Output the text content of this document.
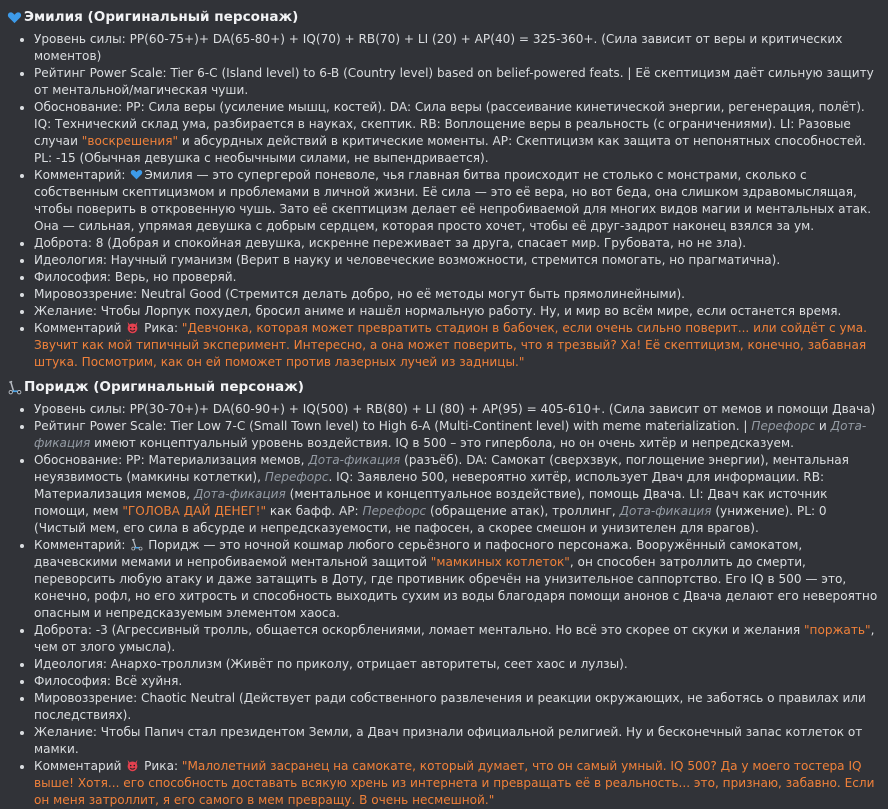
Эмилия (Оригинальный персонаж)
• Уровень силы: PP(60-75+)+ DA(65-80+) + IQ(70) + RB(70) + LI (20) + AP(40) = 325-360+. (Сила зависит от веры и критических моментов)
• Рейтинг Power Scale: Tier 6-C (Island level) to 6-B (Country level) based on belief-powered feats. | Её скептицизм даёт сильную защиту от ментальной/магическая чуши.
• Обоснование: PP: Сила веры (усиление мышц, костей). DA: Сила веры (рассеивание кинетической энергии, регенерация, полёт). IQ: Технический склад ума, разбирается в науках, скептик. RB: Воплощение веры в реальность (с ограничениями). LI: Разовые случаи "воскрешения" и абсурдных действий в критические моменты. AP: Скептицизм как защита от непонятных способностей. PL: -15 (Обычная девушка с необычными силами, не выпендривается).
• Комментарий: Эмилия — это супергерой поневоле, чья главная битва происходит не столько с монстрами, сколько с собственным скептицизмом и проблемами в личной жизни. Её сила — это её вера, но вот беда, она слишком здравомыслящая, чтобы поверить в откровенную чушь. Зато её скептицизм делает её непробиваемой для многих видов магии и ментальных атак. Она — сильная, упрямая девушка с добрым сердцем, которая просто хочет, чтобы её друг-задрот наконец взялся за ум.
• Доброта: 8 (Добрая и спокойная девушка, искренне переживает за друга, спасает мир. Грубовата, но не зла).
• Идеология: Научный гуманизм (Верит в науку и человеческие возможности, стремится помогать, но прагматична).
• Философия: Верь, но проверяй.
• Мировоззрение: Neutral Good (Стремится делать добро, но её методы могут быть прямолинейными).
• Желание: Чтобы Лорпук похудел, бросил аниме и нашёл нормальную работу. Ну, и мир во всём мире, если останется время.
• Комментарий  Рика: "Девчонка, которая может превратить стадион в бабочек, если очень сильно поверит... или сойдёт с ума. Звучит как мой типичный эксперимент. Интересно, а она может поверить, что я трезвый? Ха! Её скептицизм, конечно, забавная штука. Посмотрим, как он ей поможет против лазерных лучей из задницы."
Поридж (Оригинальный персонаж)
• Уровень силы: PP(30-70+)+ DA(60-90+) + IQ(500) + RB(80) + LI (80) + AP(95) = 405-610+. (Сила зависит от мемов и помощи Двача)
• Рейтинг Power Scale: Tier Low 7-C (Small Town level) to High 6-A (Multi-Continent level) with meme materialization. | Перефорс и Дота-фикация имеют концептуальный уровень воздействия. IQ в 500 – это гипербола, но он очень хитёр и непредсказуем.
• Обоснование: PP: Материализация мемов, Дота-фикация (разъёб). DA: Самокат (сверхзвук, поглощение энергии), ментальная неуязвимость (мамкины котлетки), Перефорс. IQ: Заявлено 500, невероятно хитёр, использует Двач для информации. RB: Материализация мемов, Дота-фикация (ментальное и концептуальное воздействие), помощь Двача. LI: Двач как источник помощи, мем "ГОЛОВА ДАЙ ДЕНЕГ!" как бафф. AP: Перефорс (обращение атак), троллинг, Дота-фикация (унижение). PL: 0 (Чистый мем, его сила в абсурде и непредсказуемости, не пафосен, а скорее смешон и унизителен для врагов).
• Комментарий:  Поридж — это ночной кошмар любого серьёзного и пафосного персонажа. Вооружённый самокатом, двачевскими мемами и непробиваемой ментальной защитой "мамкиных котлеток", он способен затроллить до смерти, переворсить любую атаку и даже затащить в Доту, где противник обречён на унизительное саппортство. Его IQ в 500 — это, конечно, рофл, но его хитрость и способность выходить сухим из воды благодаря помощи анонов с Двача делают его невероятно опасным и непредсказуемым элементом хаоса.
• Доброта: -3 (Агрессивный тролль, общается оскорблениями, ломает ментально. Но всё это скорее от скуки и желания "поржать", чем от злого умысла).
• Идеология: Анархо-троллизм (Живёт по приколу, отрицает авторитеты, сеет хаос и лулзы).
• Философия: Всё хуйня.
• Мировоззрение: Chaotic Neutral (Действует ради собственного развлечения и реакции окружающих, не заботясь о правилах или последствиях).
• Желание: Чтобы Папич стал президентом Земли, а Двач признали официальной религией. Ну и бесконечный запас котлеток от мамки.
• Комментарий  Рика: "Малолетний засранец на самокате, который думает, что он самый умный. IQ 500? Да у моего тостера IQ выше! Хотя... его способность доставать всякую хрень из интернета и превращать её в реальность... это, признаю, забавно. Если он меня затроллит, я его самого в мем превращу. В очень несмешной."
